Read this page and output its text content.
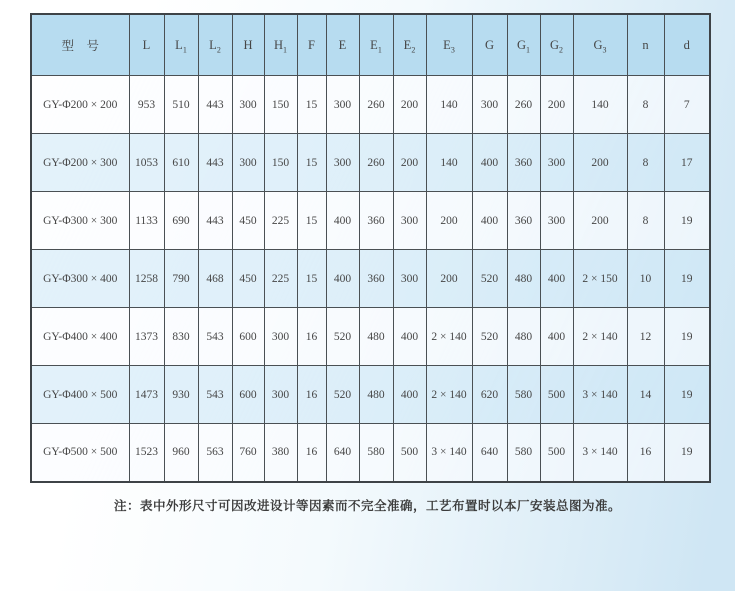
型　号	L	$L_1$	$L_2$	H	$H_1$	F	E	$E_1$	$E_2$	$E_3$	G	$G_1$	$G_2$	$G_3$	n	d
GY-Φ200 × 200	953	510	443	300	150	15	300	260	200	140	300	260	200	140	8	7
GY-Φ200 × 300	1053	610	443	300	150	15	300	260	200	140	400	360	300	200	8	17
GY-Φ300 × 300	1133	690	443	450	225	15	400	360	300	200	400	360	300	200	8	19
GY-Φ300 × 400	1258	790	468	450	225	15	400	360	300	200	520	480	400	2 × 150	10	19
GY-Φ400 × 400	1373	830	543	600	300	16	520	480	400	2 × 140	520	480	400	2 × 140	12	19
GY-Φ400 × 500	1473	930	543	600	300	16	520	480	400	2 × 140	620	580	500	3 × 140	14	19
GY-Φ500 × 500	1523	960	563	760	380	16	640	580	500	3 × 140	640	580	500	3 × 140	16	19
注：表中外形尺寸可因改进设计等因素而不完全准确，工艺布置时以本厂安装总图为准。
